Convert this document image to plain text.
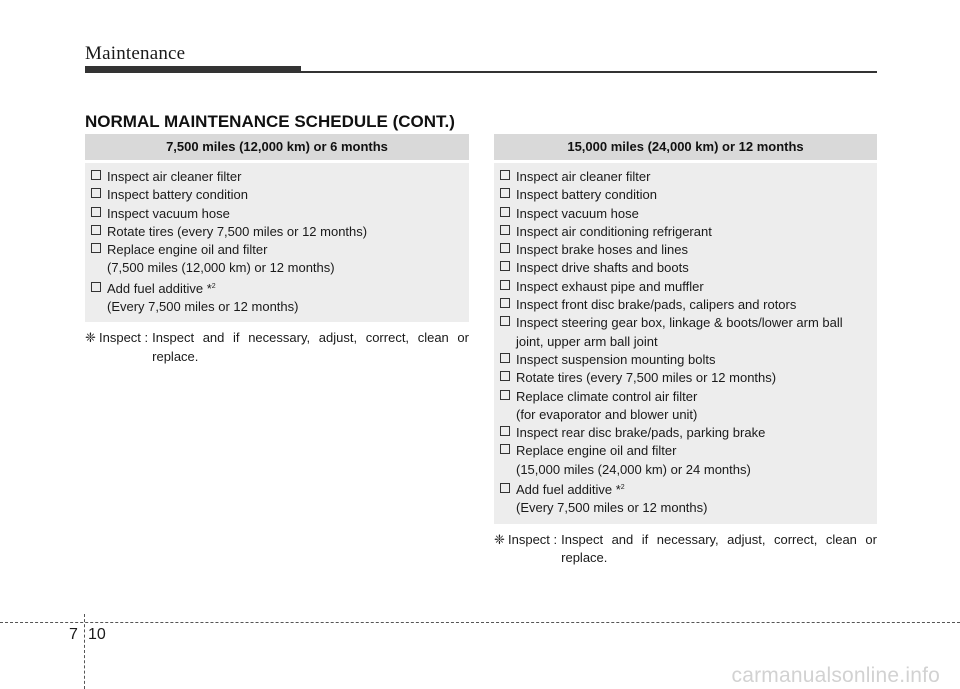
Maintenance
NORMAL MAINTENANCE SCHEDULE (CONT.)
7,500 miles (12,000 km) or 6 months
Inspect air cleaner filter
Inspect battery condition
Inspect vacuum hose
Rotate tires (every 7,500 miles or 12 months)
Replace engine oil and filter
(7,500 miles (12,000 km) or 12 months)
Add fuel additive *$^2$
(Every 7,500 miles or 12 months)
❈ Inspect : Inspect and if necessary, adjust, correct, clean or replace.
15,000 miles (24,000 km) or 12 months
Inspect air cleaner filter
Inspect battery condition
Inspect vacuum hose
Inspect air conditioning refrigerant
Inspect brake hoses and lines
Inspect drive shafts and boots
Inspect exhaust pipe and muffler
Inspect front disc brake/pads, calipers and rotors
Inspect steering gear box, linkage & boots/lower arm ball
joint, upper arm ball joint
Inspect suspension mounting bolts
Rotate tires (every 7,500 miles or 12 months)
Replace climate control air filter
(for evaporator and blower unit)
Inspect rear disc brake/pads, parking brake
Replace engine oil and filter
(15,000 miles (24,000 km) or 24 months)
Add fuel additive *$^2$
(Every 7,500 miles or 12 months)
❈ Inspect : Inspect and if necessary, adjust, correct, clean or replace.
7 10
carmanualsonline.info
